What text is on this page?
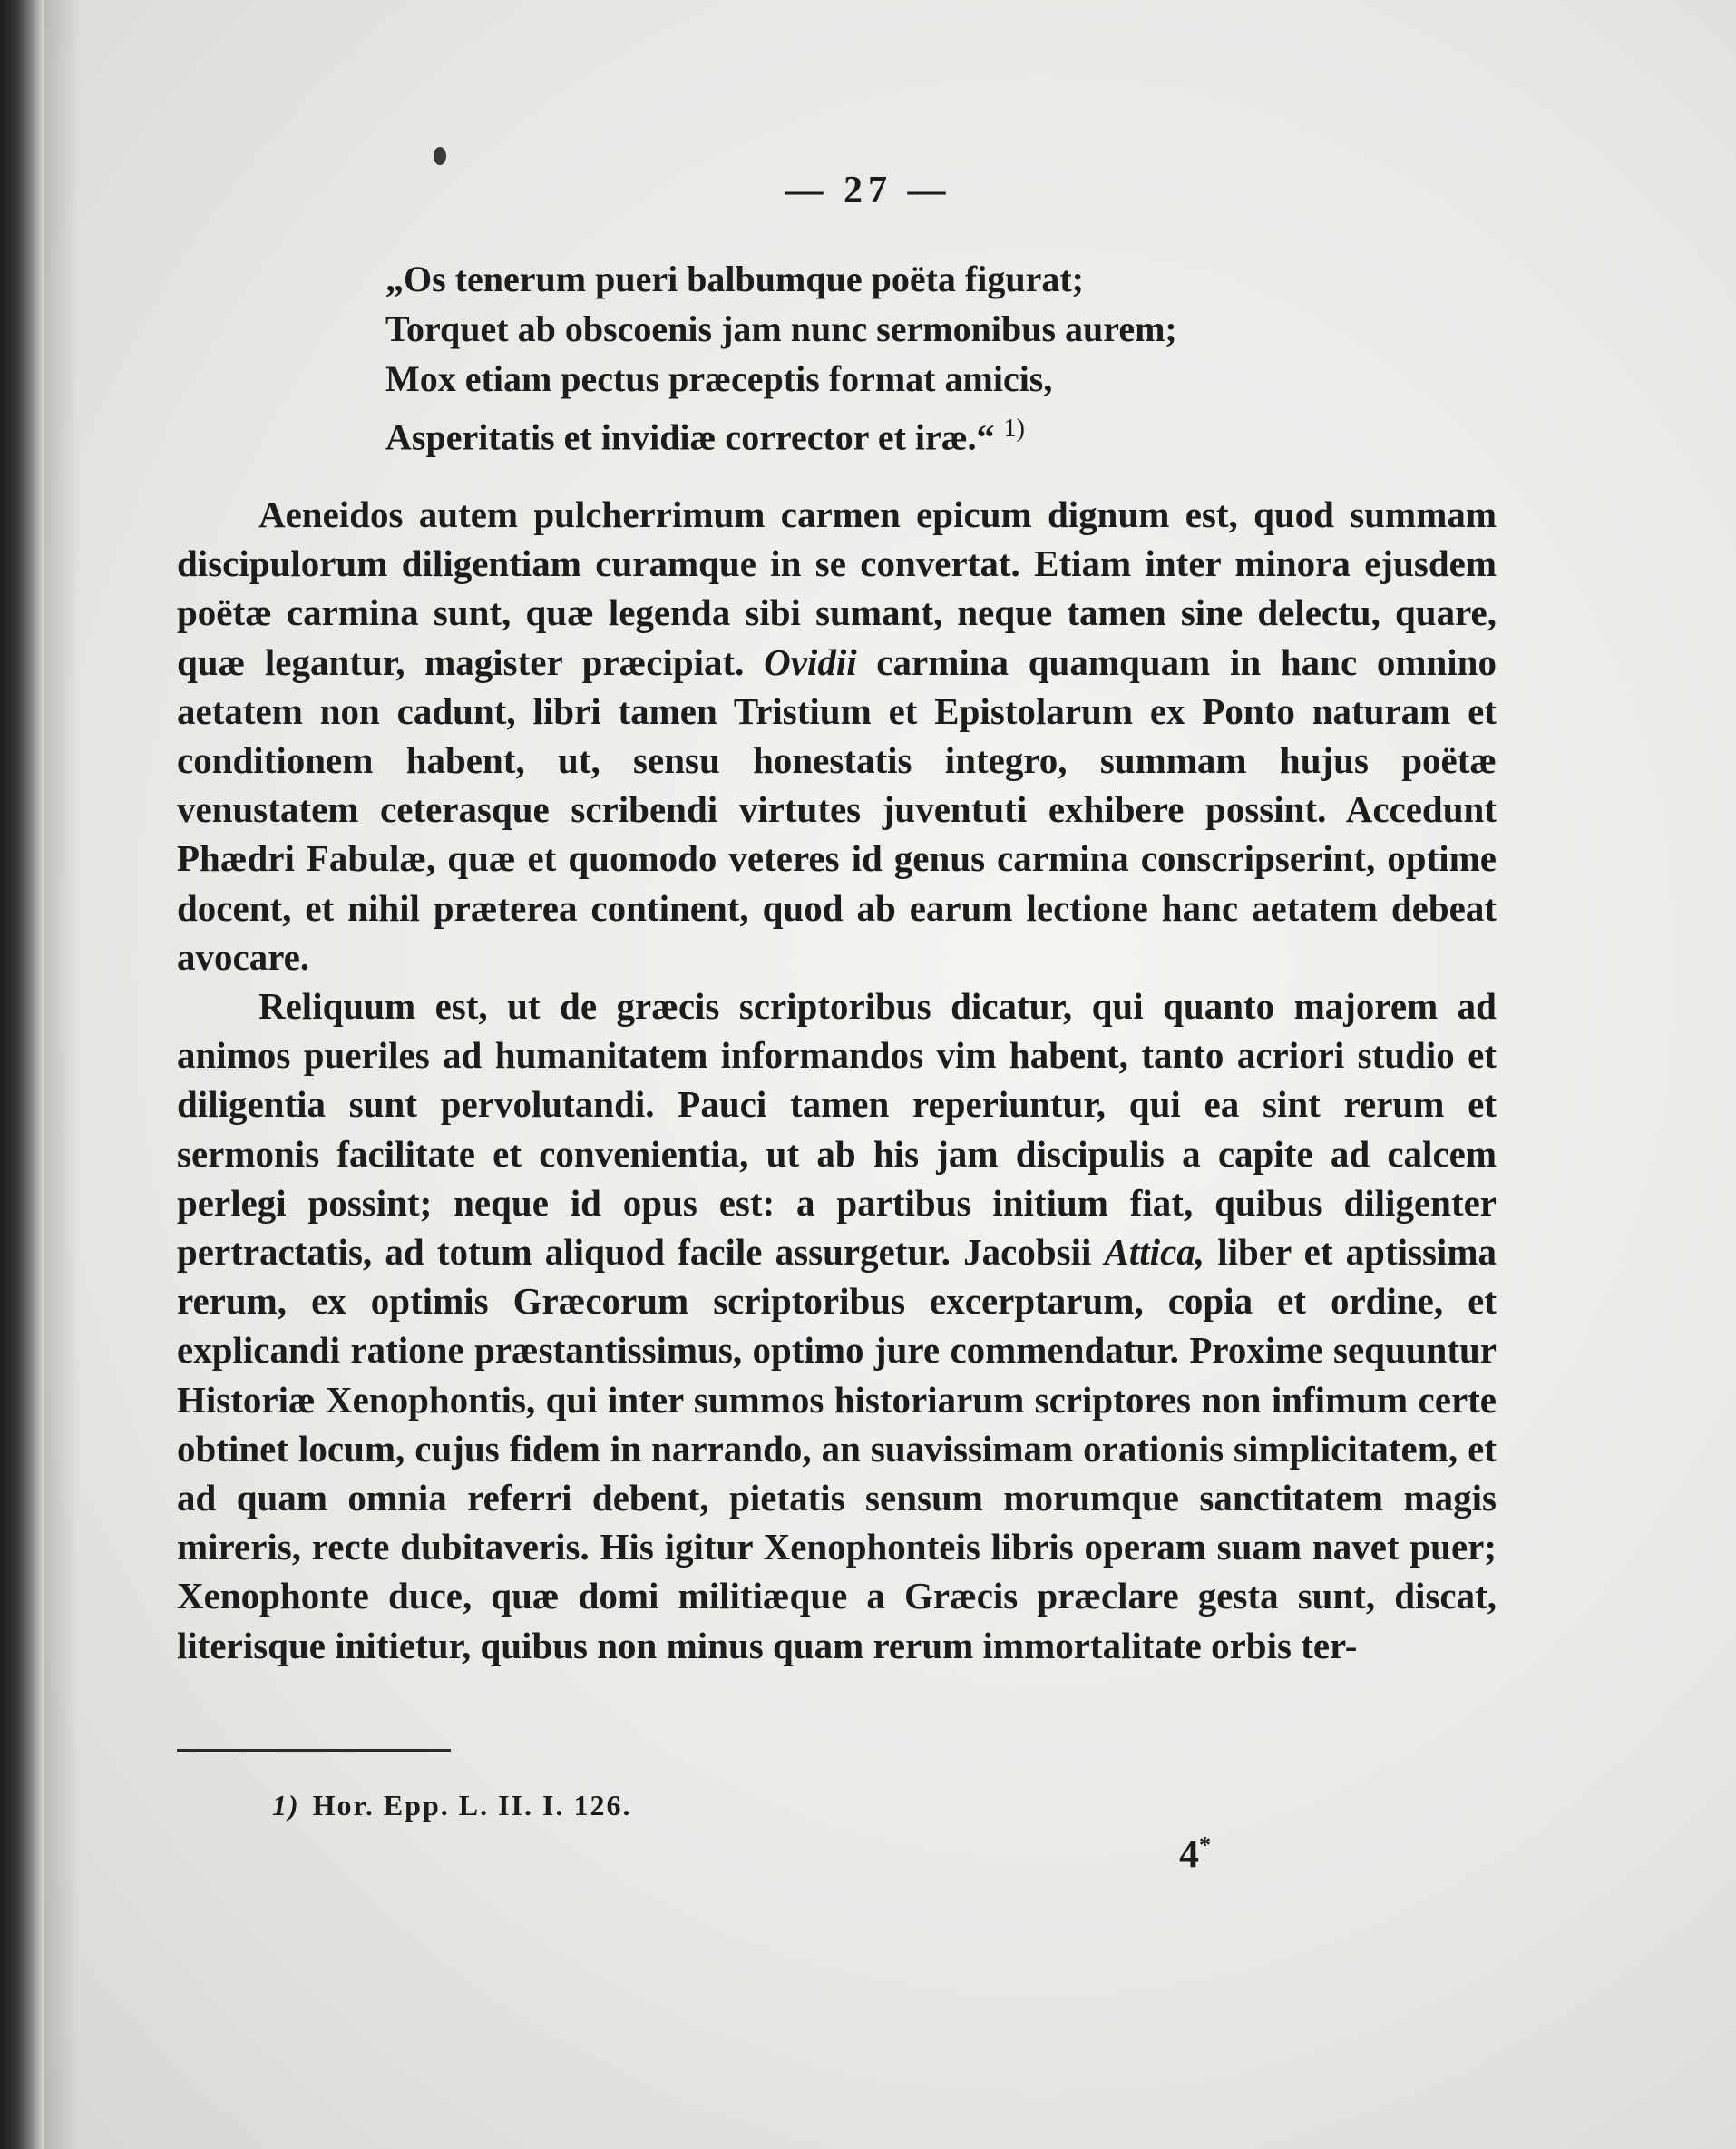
— 27 —
„Os tenerum pueri balbumque poëta figurat;
Torquet ab obscoenis jam nunc sermonibus aurem;
Mox etiam pectus præceptis format amicis,
Asperitatis et invidiæ corrector et iræ.“ $^{1)}$

Aeneidos autem pulcherrimum carmen epicum dignum est, quod summam discipulorum diligentiam curamque in se convertat. Etiam inter minora ejusdem poëtæ carmina sunt, quæ legenda sibi sumant, neque tamen sine delectu, quare, quæ legantur, magister præcipiat. Ovidii carmina quamquam in hanc omnino aetatem non cadunt, libri tamen Tristium et Epistolarum ex Ponto naturam et conditionem habent, ut, sensu honestatis integro, summam hujus poëtæ venustatem ceterasque scribendi virtutes juventuti exhibere possint. Accedunt Phædri Fabulæ, quæ et quomodo veteres id genus carmina conscripserint, optime docent, et nihil præterea continent, quod ab earum lectione hanc aetatem debeat avocare.

Reliquum est, ut de græcis scriptoribus dicatur, qui quanto majorem ad animos pueriles ad humanitatem informandos vim habent, tanto acriori studio et diligentia sunt pervolutandi. Pauci tamen reperiuntur, qui ea sint rerum et sermonis facilitate et convenientia, ut ab his jam discipulis a capite ad calcem perlegi possint; neque id opus est: a partibus initium fiat, quibus diligenter pertractatis, ad totum aliquod facile assurgetur. Jacobsii Attica, liber et aptissima rerum, ex optimis Græcorum scriptoribus excerptarum, copia et ordine, et explicandi ratione præstantissimus, optimo jure commendatur. Proxime sequuntur Historiæ Xenophontis, qui inter summos historiarum scriptores non infimum certe obtinet locum, cujus fidem in narrando, an suavissimam orationis simplicitatem, et ad quam omnia referri debent, pietatis sensum morumque sanctitatem magis mireris, recte dubitaveris. His igitur Xenophonteis libris operam suam navet puer; Xenophonte duce, quæ domi militiæque a Græcis præclare gesta sunt, discat, literisque initietur, quibus non minus quam rerum immortalitate orbis ter-

1) Hor. Epp. L. II. I. 126.
4*
